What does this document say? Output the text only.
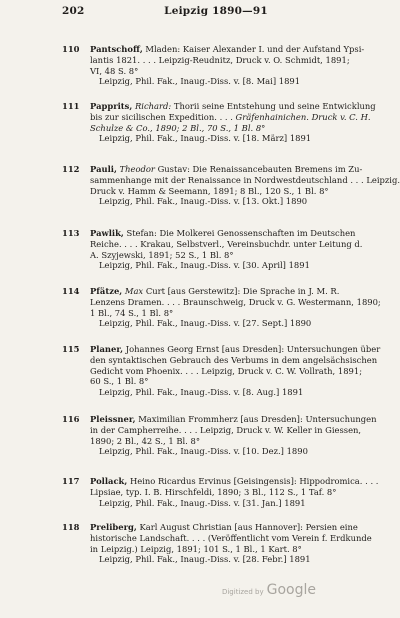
202	Leipzig 1890—91
110 Pantschoff, Mladen: Kaiser Alexander I. und der Aufstand Ypsi-
lantis 1821. . . . Leipzig-Reudnitz, Druck v. O. Schmidt, 1891;
VI, 48 S. 8°
Leipzig, Phil. Fak., Inaug.-Diss. v. [8. Mai] 1891
111 Papprits, Richard: Thorii seine Entstehung und seine Entwicklung
bis zur sicilischen Expedition. . . . Gräfenhainichen. Druck v. C. H.
Schulze & Co., 1890; 2 Bl., 70 S., 1 Bl. 8°
Leipzig, Phil. Fak., Inaug.-Diss. v. [18. März] 1891
112 Pauli, Theodor Gustav: Die Renaissancebauten Bremens im Zu-
sammenhange mit der Renaissance in Nordwestdeutschland . . . Leipzig.
Druck v. Hamm & Seemann, 1891; 8 Bl., 120 S., 1 Bl. 8°
Leipzig, Phil. Fak., Inaug.-Diss. v. [13. Okt.] 1890
113 Pawlik, Stefan: Die Molkerei Genossenschaften im Deutschen
Reiche. . . . Krakau, Selbstverl., Vereinsbuchdr. unter Leitung d.
A. Szyjewski, 1891; 52 S., 1 Bl. 8°
Leipzig, Phil. Fak., Inaug.-Diss. v. [30. April] 1891
114 Pfätze, Max Curt [aus Gerstewitz]: Die Sprache in J. M. R.
Lenzens Dramen. . . . Braunschweig, Druck v. G. Westermann, 1890;
1 Bl., 74 S., 1 Bl. 8°
Leipzig, Phil. Fak., Inaug.-Diss. v. [27. Sept.] 1890
115 Planer, Johannes Georg Ernst [aus Dresden]: Untersuchungen über
den syntaktischen Gebrauch des Verbums in dem angelsächsischen
Gedicht vom Phoenix. . . . Leipzig, Druck v. C. W. Vollrath, 1891;
60 S., 1 Bl. 8°
Leipzig, Phil. Fak., Inaug.-Diss. v. [8. Aug.] 1891
116 Pleissner, Maximilian Frommherz [aus Dresden]: Untersuchungen
in der Campherreihe. . . . Leipzig, Druck v. W. Keller in Giessen,
1890; 2 Bl., 42 S., 1 Bl. 8°
Leipzig, Phil. Fak., Inaug.-Diss. v. [10. Dez.] 1890
117 Pollack, Heino Ricardus Ervinus [Geisingensis]: Hippodromica. . . .
Lipsiae, typ. I. B. Hirschfeldi, 1890; 3 Bl., 112 S., 1 Taf. 8°
Leipzig, Phil. Fak., Inaug.-Diss. v. [31. Jan.] 1891
118 Preliberg, Karl August Christian [aus Hannover]: Persien eine
historische Landschaft. . . . (Veröffentlicht vom Verein f. Erdkunde
in Leipzig.) Leipzig, 1891; 101 S., 1 Bl., 1 Kart. 8°
Leipzig, Phil. Fak., Inaug.-Diss. v. [28. Febr.] 1891
Digitized by Google
